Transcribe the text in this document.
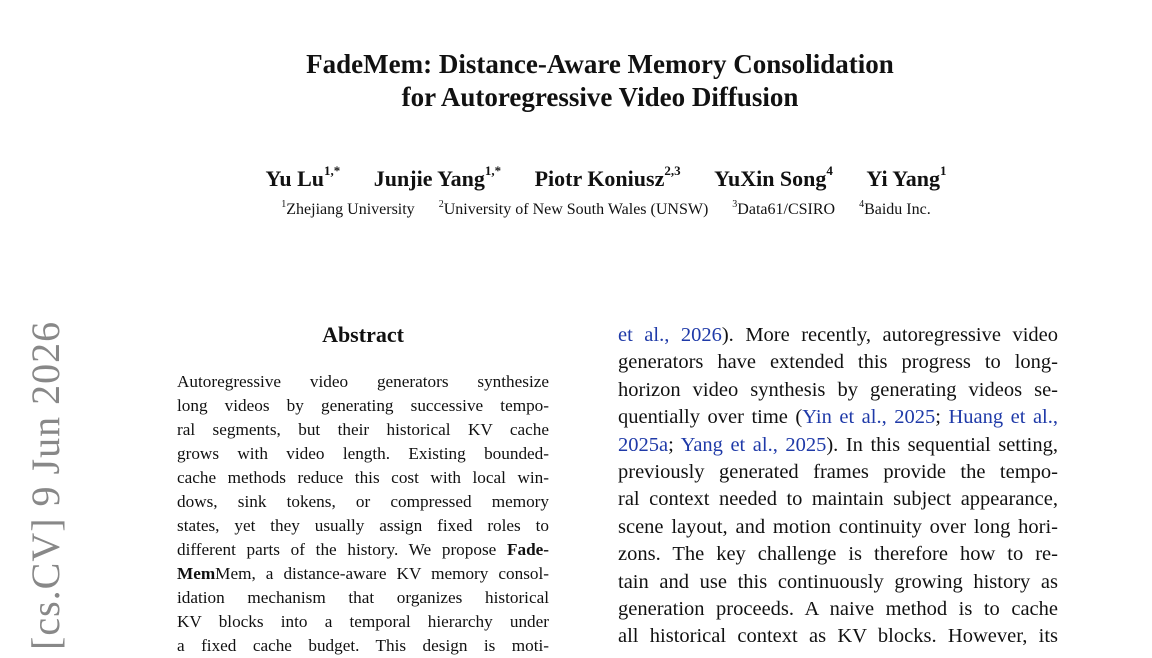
[cs.CV] 9 Jun 2026
FadeMem: Distance-Aware Memory Consolidation
for Autoregressive Video Diffusion
Yu $Lu^{1,*}$ Junjie Yang$^{1,*}$ Piotr Koniusz$^{2,3}$ YuXin Song$^4$ Yi Yang$^1$
$^1$Zhejiang University $^2$University of New South Wales (UNSW) $^3$Data61/CSIRO $^4$Baidu Inc.
Abstract
Autoregressive video generators synthesize
long videos by generating successive tempo-
ral segments, but their historical KV cache
grows with video length. Existing bounded-
cache methods reduce this cost with local win-
dows, sink tokens, or compressed memory
states, yet they usually assign fixed roles to
different parts of the history. We propose Fade-
MemMem, a distance-aware KV memory consol-
idation mechanism that organizes historical
KV blocks into a temporal hierarchy under
a fixed cache budget. This design is moti-
et al., 2026). More recently, autoregressive video
generators have extended this progress to long-
horizon video synthesis by generating videos se-
quentially over time (Yin et al., 2025; Huang et al.,
2025a; Yang et al., 2025). In this sequential setting,
previously generated frames provide the tempo-
ral context needed to maintain subject appearance,
scene layout, and motion continuity over long hori-
zons. The key challenge is therefore how to re-
tain and use this continuously growing history as
generation proceeds. A naive method is to cache
all historical context as KV blocks. However, its
